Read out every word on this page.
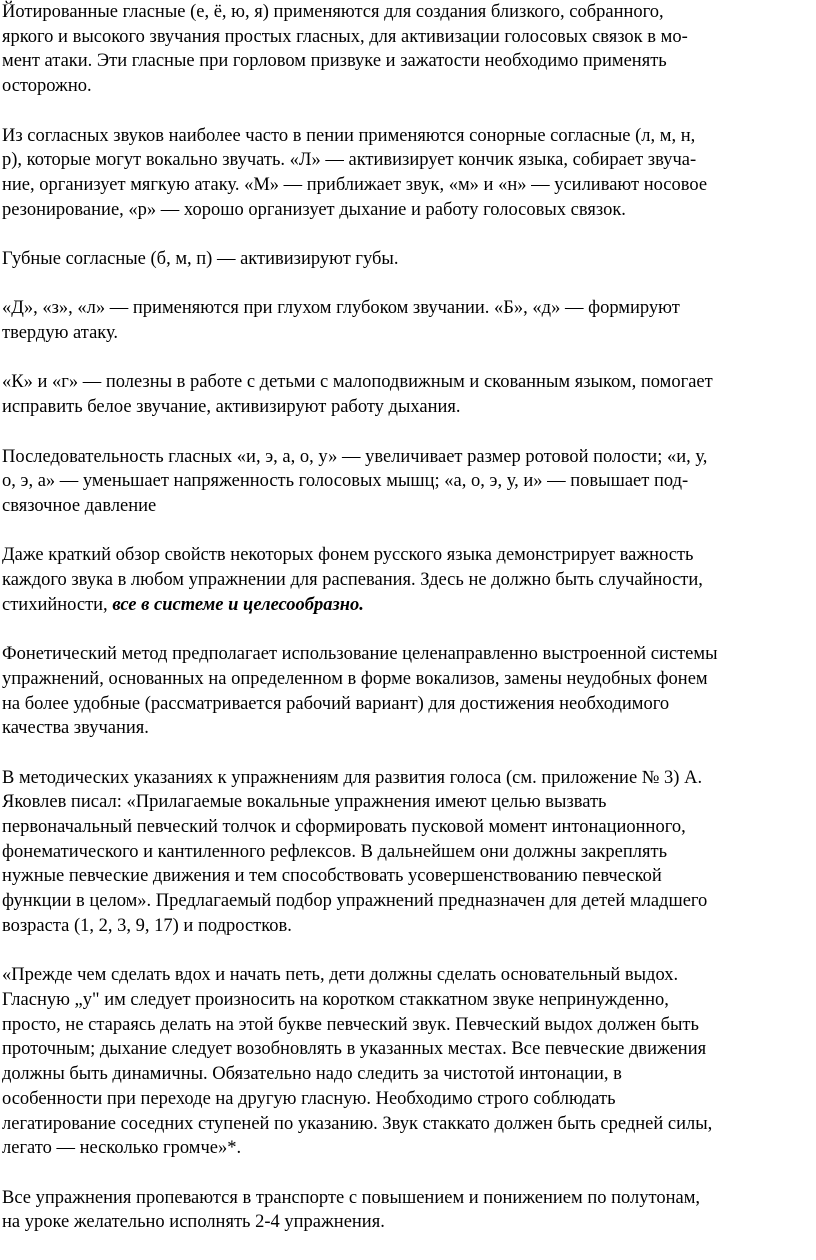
Йотированные гласные (е, ё, ю, я) применяются для создания близкого, собранного,
яркого и высокого звучания простых гласных, для активизации голосовых связок в мо-
мент атаки. Эти гласные при горловом призвуке и зажатости необходимо применять
осторожно.

Из согласных звуков наиболее часто в пении применяются сонорные согласные (л, м, н,
р), которые могут вокально звучать. «Л» — активизирует кончик языка, собирает звуча-
ние, организует мягкую атаку. «М» — приближает звук, «м» и «н» — усиливают носовое
резонирование, «р» — хорошо организует дыхание и работу голосовых связок.

Губные согласные (б, м, п) — активизируют губы.

«Д», «з», «л» — применяются при глухом глубоком звучании. «Б», «д» — формируют
твердую атаку.

«К» и «г» — полезны в работе с детьми с малоподвижным и скованным языком, помогает
исправить белое звучание, активизируют работу дыхания.

Последовательность гласных «и, э, а, о, у» — увеличивает размер ротовой полости; «и, у,
о, э, а» — уменьшает напряженность голосовых мышц; «а, о, э, у, и» — повышает под-
связочное давление

Даже краткий обзор свойств некоторых фонем русского языка демонстрирует важность
каждого звука в любом упражнении для распевания. Здесь не должно быть случайности,
стихийности, все в системе и целесообразно.

Фонетический метод предполагает использование целенаправленно выстроенной системы
упражнений, основанных на определенном в форме вокализов, замены неудобных фонем
на более удобные (рассматривается рабочий вариант) для достижения необходимого
качества звучания.

В методических указаниях к упражнениям для развития голоса (см. приложение № 3) А.
Яковлев писал: «Прилагаемые вокальные упражнения имеют целью вызвать
первоначальный певческий толчок и сформировать пусковой момент интонационного,
фонематического и кантиленного рефлексов. В дальнейшем они должны закреплять
нужные певческие движения и тем способствовать усовершенствованию певческой
функции в целом». Предлагаемый подбор упражнений предназначен для детей младшего
возраста (1, 2, 3, 9, 17) и подростков.

«Прежде чем сделать вдох и начать петь, дети должны сделать основательный выдох.
Гласную „у" им следует произносить на коротком стаккатном звуке непринужденно,
просто, не стараясь делать на этой букве певческий звук. Певческий выдох должен быть
проточным; дыхание следует возобновлять в указанных местах. Все певческие движения
должны быть динамичны. Обязательно надо следить за чистотой интонации, в
особенности при переходе на другую гласную. Необходимо строго соблюдать
легатирование соседних ступеней по указанию. Звук стаккато должен быть средней силы,
легато — несколько громче»*.

Все упражнения пропеваются в транспорте с повышением и понижением по полутонам,
на уроке желательно исполнять 2-4 упражнения.
